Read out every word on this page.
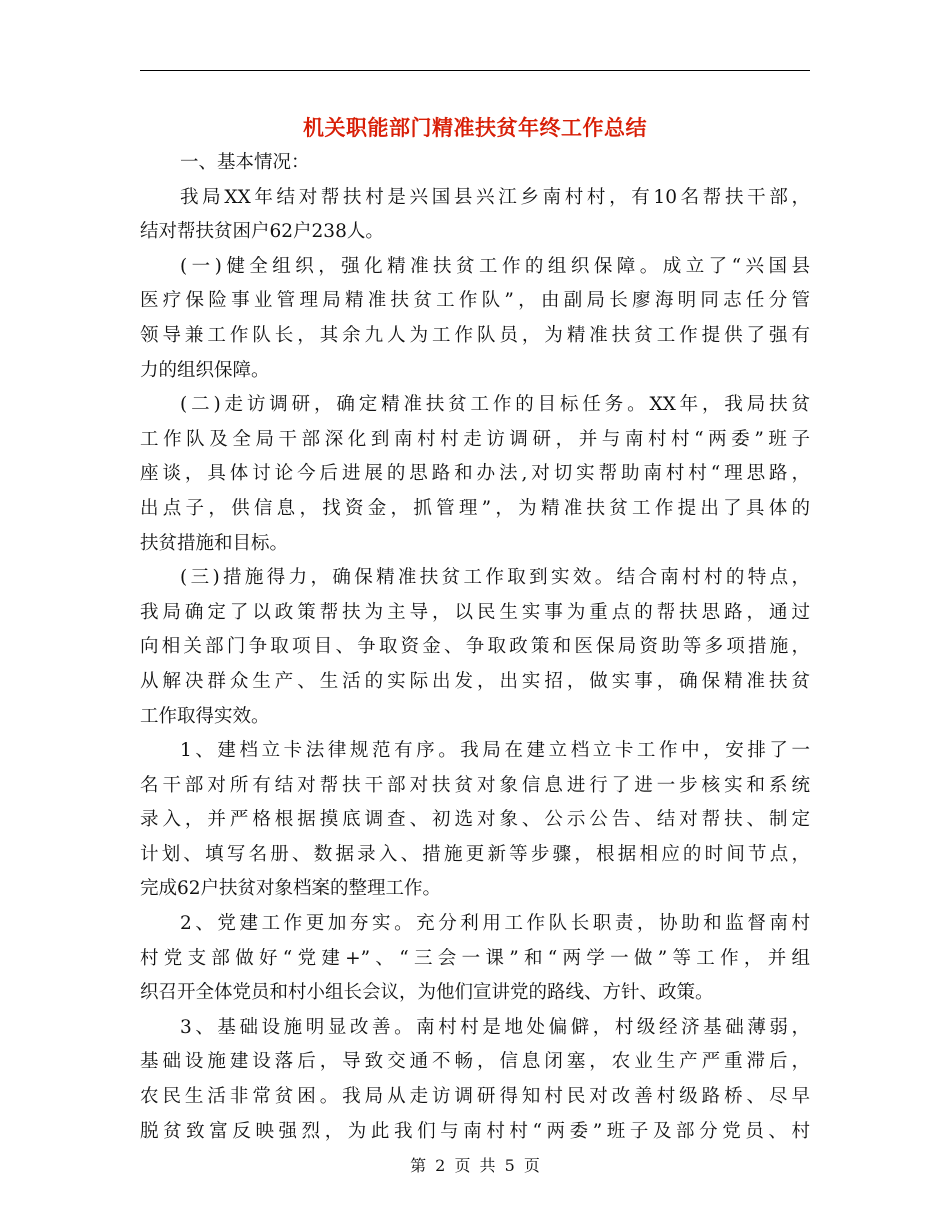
机关职能部门精准扶贫年终工作总结
一、基本情况：
我局XX年结对帮扶村是兴国县兴江乡南村村，有10名帮扶干部，
结对帮扶贫困户62户238人。
(一)健全组织，强化精准扶贫工作的组织保障。成立了“兴国县
医疗保险事业管理局精准扶贫工作队”，由副局长廖海明同志任分管
领导兼工作队长，其余九人为工作队员，为精准扶贫工作提供了强有
力的组织保障。
(二)走访调研，确定精准扶贫工作的目标任务。XX年，我局扶贫
工作队及全局干部深化到南村村走访调研，并与南村村“两委”班子
座谈，具体讨论今后进展的思路和办法,对切实帮助南村村“理思路，
出点子，供信息，找资金，抓管理”，为精准扶贫工作提出了具体的
扶贫措施和目标。
(三)措施得力，确保精准扶贫工作取到实效。结合南村村的特点，
我局确定了以政策帮扶为主导，以民生实事为重点的帮扶思路，通过
向相关部门争取项目、争取资金、争取政策和医保局资助等多项措施，
从解决群众生产、生活的实际出发，出实招，做实事，确保精准扶贫
工作取得实效。
1、建档立卡法律规范有序。我局在建立档立卡工作中，安排了一
名干部对所有结对帮扶干部对扶贫对象信息进行了进一步核实和系统
录入，并严格根据摸底调查、初选对象、公示公告、结对帮扶、制定
计划、填写名册、数据录入、措施更新等步骤，根据相应的时间节点，
完成62户扶贫对象档案的整理工作。
2、党建工作更加夯实。充分利用工作队长职责，协助和监督南村
村党支部做好“党建+”、“三会一课”和“两学一做”等工作，并组
织召开全体党员和村小组长会议，为他们宣讲党的路线、方针、政策。
3、基础设施明显改善。南村村是地处偏僻，村级经济基础薄弱，
基础设施建设落后，导致交通不畅，信息闭塞，农业生产严重滞后，
农民生活非常贫困。我局从走访调研得知村民对改善村级路桥、尽早
脱贫致富反映强烈，为此我们与南村村“两委”班子及部分党员、村
第 2 页 共 5 页
